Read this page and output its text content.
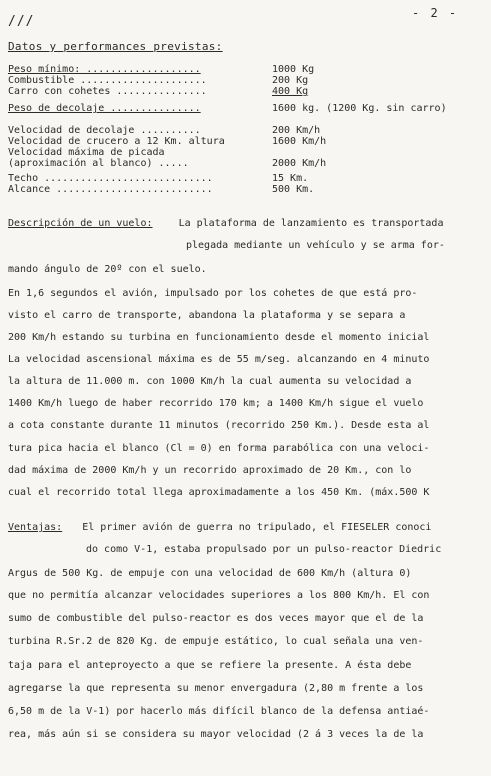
///
- 2 -
Datos y performances previstas:
Peso mínimo: ...................	1000 Kg
Combustible .....................	200 Kg
Carro con cohetes ...............	400 Kg
Peso de decolaje ...............	1600 kg. (1200 Kg. sin carro)
Velocidad de decolaje ..........	200 Km/h
Velocidad de crucero a 12 Km. altura	1600 Km/h
Velocidad máxima de picada
(aproximación al blanco) .....	2000 Km/h
Techo ............................	15 Km.
Alcance ..........................	500 Km.
Descripción de un vuelo:	La plataforma de lanzamiento es transportada
plegada mediante un vehículo y se arma for-
mando ángulo de 20º con el suelo.
En 1,6 segundos el avión, impulsado por los cohetes de que está pro-
visto el carro de transporte, abandona la plataforma y se separa a
200 Km/h estando su turbina en funcionamiento desde el momento inicial
La velocidad ascensional máxima es de 55 m/seg. alcanzando en 4 minuto
la altura de 11.000 m. con 1000 Km/h la cual aumenta su velocidad a
1400 Km/h luego de haber recorrido 170 km; a 1400 Km/h sigue el vuelo
a cota constante durante 11 minutos (recorrido 250 Km.). Desde esta al
tura pica hacia el blanco (Cl = 0) en forma parabólica con una veloci-
dad máxima de 2000 Km/h y un recorrido aproximado de 20 Km., con lo
cual el recorrido total llega aproximadamente a los 450 Km. (máx.500 K
Ventajas: El primer avión de guerra no tripulado, el FIESELER conoci
do como V-1, estaba propulsado por un pulso-reactor Diedric
Argus de 500 Kg. de empuje con una velocidad de 600 Km/h (altura 0)
que no permitía alcanzar velocidades superiores a los 800 Km/h. El con
sumo de combustible del pulso-reactor es dos veces mayor que el de la
turbina R.Sr.2 de 820 Kg. de empuje estático, lo cual señala una ven-
taja para el anteproyecto a que se refiere la presente. A ésta debe
agregarse la que representa su menor envergadura (2,80 m frente a los
6,50 m de la V-1) por hacerlo más difícil blanco de la defensa antiaé-
rea, más aún si se considera su mayor velocidad (2 á 3 veces la de la
